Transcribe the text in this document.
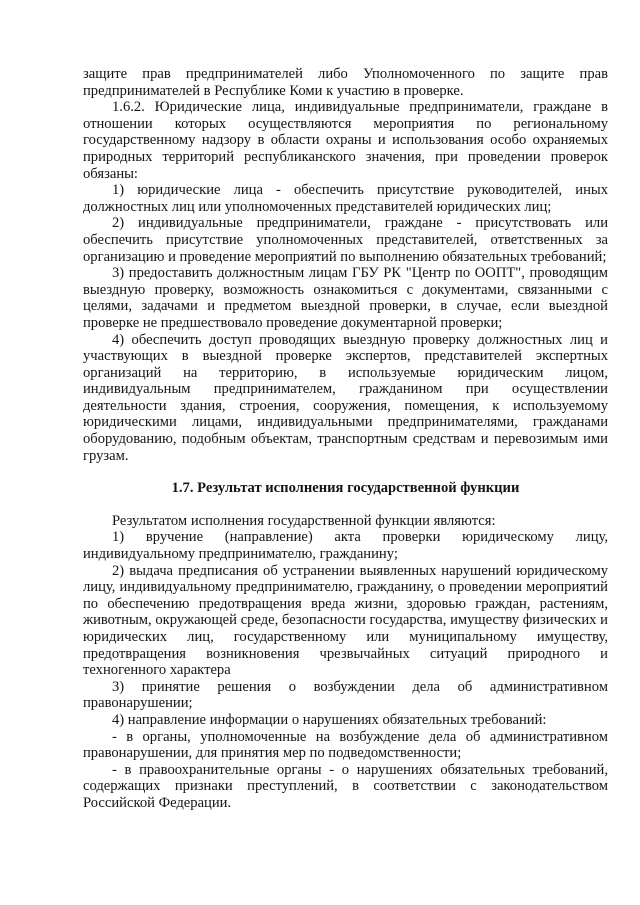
защите прав предпринимателей либо Уполномоченного по защите прав предпринимателей в Республике Коми к участию в проверке.

1.6.2. Юридические лица, индивидуальные предприниматели, граждане в отношении которых осуществляются мероприятия по региональному государственному надзору в области охраны и использования особо охраняемых природных территорий республиканского значения, при проведении проверок обязаны:

1) юридические лица - обеспечить присутствие руководителей, иных должностных лиц или уполномоченных представителей юридических лиц;

2) индивидуальные предприниматели, граждане - присутствовать или обеспечить присутствие уполномоченных представителей, ответственных за организацию и проведение мероприятий по выполнению обязательных требований;

3) предоставить должностным лицам ГБУ РК "Центр по ООПТ", проводящим выездную проверку, возможность ознакомиться с документами, связанными с целями, задачами и предметом выездной проверки, в случае, если выездной проверке не предшествовало проведение документарной проверки;

4) обеспечить доступ проводящих выездную проверку должностных лиц и участвующих в выездной проверке экспертов, представителей экспертных организаций на территорию, в используемые юридическим лицом, индивидуальным предпринимателем, гражданином при осуществлении деятельности здания, строения, сооружения, помещения, к используемому юридическими лицами, индивидуальными предпринимателями, гражданами оборудованию, подобным объектам, транспортным средствам и перевозимым ими грузам.

1.7. Результат исполнения государственной функции

Результатом исполнения государственной функции являются:

1) вручение (направление) акта проверки юридическому лицу, индивидуальному предпринимателю, гражданину;

2) выдача предписания об устранении выявленных нарушений юридическому лицу, индивидуальному предпринимателю, гражданину, о проведении мероприятий по обеспечению предотвращения вреда жизни, здоровью граждан, растениям, животным, окружающей среде, безопасности государства, имуществу физических и юридических лиц, государственному или муниципальному имуществу, предотвращения возникновения чрезвычайных ситуаций природного и техногенного характера

3) принятие решения о возбуждении дела об административном правонарушении;

4) направление информации о нарушениях обязательных требований:

- в органы, уполномоченные на возбуждение дела об административном правонарушении, для принятия мер по подведомственности;

- в правоохранительные органы - о нарушениях обязательных требований, содержащих признаки преступлений, в соответствии с законодательством Российской Федерации.
